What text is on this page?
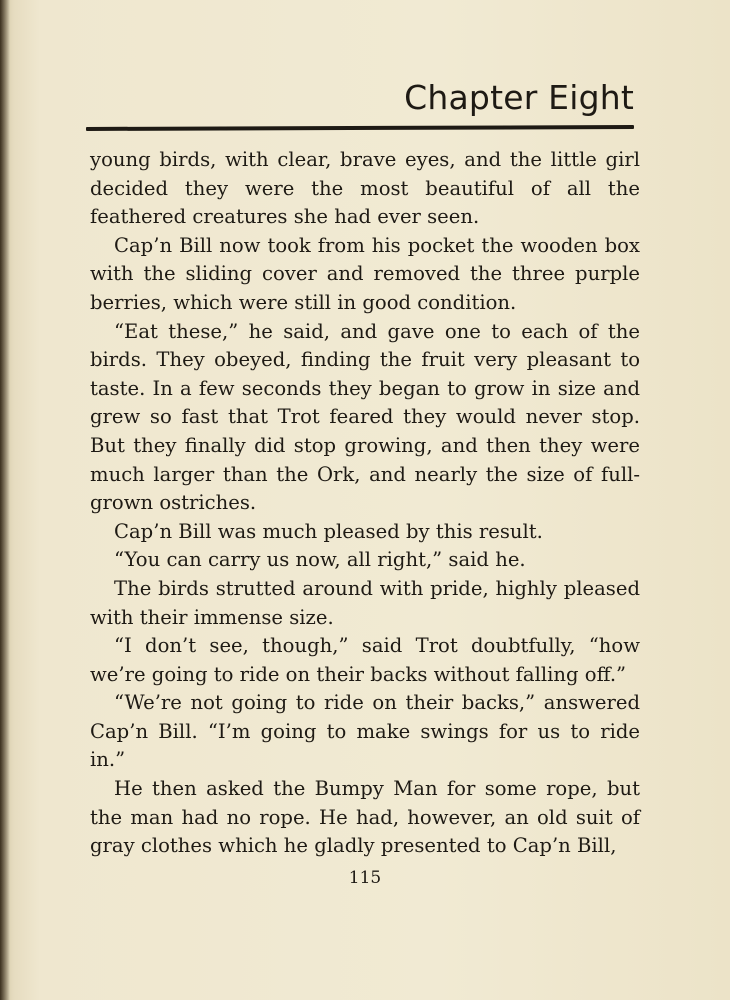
Chapter Eight

young birds, with clear, brave eyes, and the little girl decided they were the most beautiful of all the feathered creatures she had ever seen.

Cap’n Bill now took from his pocket the wooden box with the sliding cover and removed the three purple berries, which were still in good condition.

“Eat these,” he said, and gave one to each of the birds. They obeyed, finding the fruit very pleasant to taste. In a few seconds they began to grow in size and grew so fast that Trot feared they would never stop. But they finally did stop growing, and then they were much larger than the Ork, and nearly the size of full-grown ostriches.

Cap’n Bill was much pleased by this result.

“You can carry us now, all right,” said he.

The birds strutted around with pride, highly pleased with their immense size.

“I don’t see, though,” said Trot doubtfully, “how we’re going to ride on their backs without falling off.”

“We’re not going to ride on their backs,” answered Cap’n Bill. “I’m going to make swings for us to ride in.”

He then asked the Bumpy Man for some rope, but the man had no rope. He had, however, an old suit of gray clothes which he gladly presented to Cap’n Bill,

115
